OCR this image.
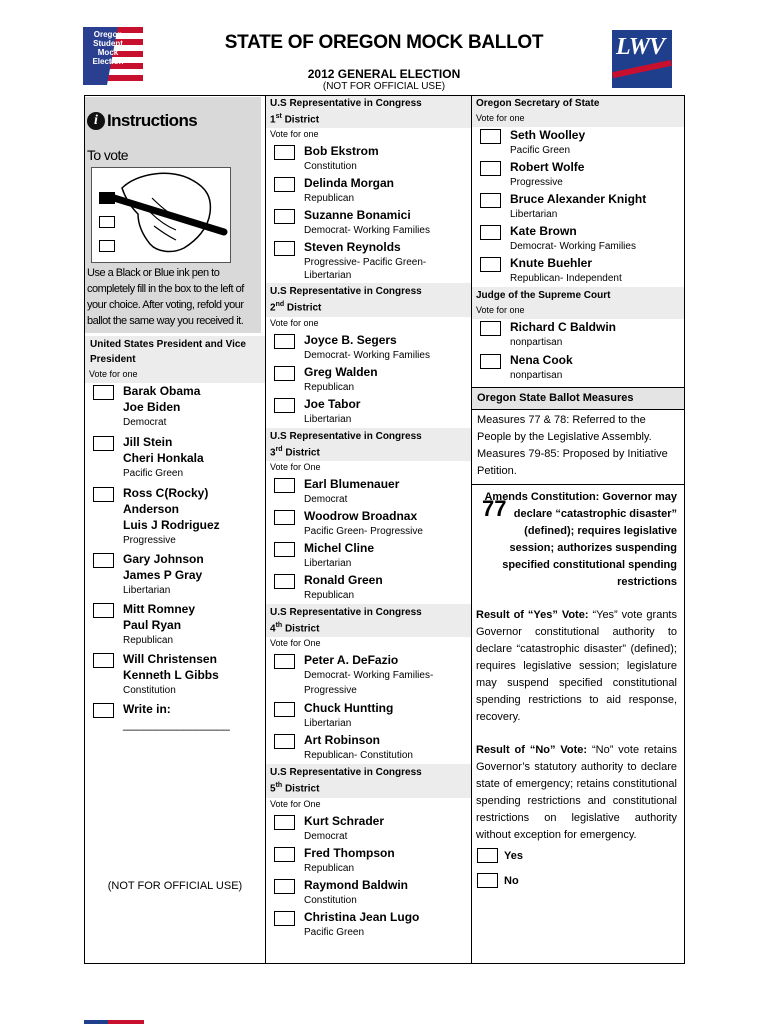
Oregon
Student
Mock
Election
STATE OF OREGON MOCK BALLOT
2012 GENERAL ELECTION
(NOT FOR OFFICIAL USE)
LWV
i Instructions
To vote
Use a Black or Blue ink pen to completely fill in the box to the left of your choice. After voting, refold your ballot the same way you received it.
United States President and Vice President
Vote for one
Barak Obama
Joe Biden
Democrat
Jill Stein
Cheri Honkala
Pacific Green
Ross C(Rocky)
Anderson
Luis J Rodriguez
Progressive
Gary Johnson
James P Gray
Libertarian
Mitt Romney
Paul Ryan
Republican
Will Christensen
Kenneth L Gibbs
Constitution
Write in:
________________
(NOT FOR OFFICIAL USE)
U.S Representative in Congress
1st District
Vote for one
Bob Ekstrom
Constitution
Delinda Morgan
Republican
Suzanne Bonamici
Democrat- Working Families
Steven Reynolds
Progressive- Pacific Green-
Libertarian
U.S Representative in Congress
2nd District
Vote for one
Joyce B. Segers
Democrat- Working Families
Greg Walden
Republican
Joe Tabor
Libertarian
U.S Representative in Congress
3rd District
Vote for One
Earl Blumenauer
Democrat
Woodrow Broadnax
Pacific Green- Progressive
Michel Cline
Libertarian
Ronald Green
Republican
U.S Representative in Congress
4th District
Vote for One
Peter A. DeFazio
Democrat- Working Families-
Progressive
Chuck Huntting
Libertarian
Art Robinson
Republican- Constitution
U.S Representative in Congress
5th District
Vote for One
Kurt Schrader
Democrat
Fred Thompson
Republican
Raymond Baldwin
Constitution
Christina Jean Lugo
Pacific Green
Oregon Secretary of State
Vote for one
Seth Woolley
Pacific Green
Robert Wolfe
Progressive
Bruce Alexander Knight
Libertarian
Kate Brown
Democrat- Working Families
Knute Buehler
Republican- Independent
Judge of the Supreme Court
Vote for one
Richard C Baldwin
nonpartisan
Nena Cook
nonpartisan
Oregon State Ballot Measures
Measures 77 & 78: Referred to the People by the Legislative Assembly. Measures 79-85: Proposed by Initiative Petition.
77
Amends Constitution: Governor may declare “catastrophic disaster” (defined); requires legislative session; authorizes suspending specified constitutional spending restrictions
Result of “Yes” Vote: “Yes” vote grants Governor constitutional authority to declare “catastrophic disaster” (defined); requires legislative session; legislature may suspend specified constitutional spending restrictions to aid response, recovery.
Result of “No” Vote: “No” vote retains Governor’s statutory authority to declare state of emergency; retains constitutional spending restrictions and constitutional restrictions on legislative authority without exception for emergency.
Yes
No
